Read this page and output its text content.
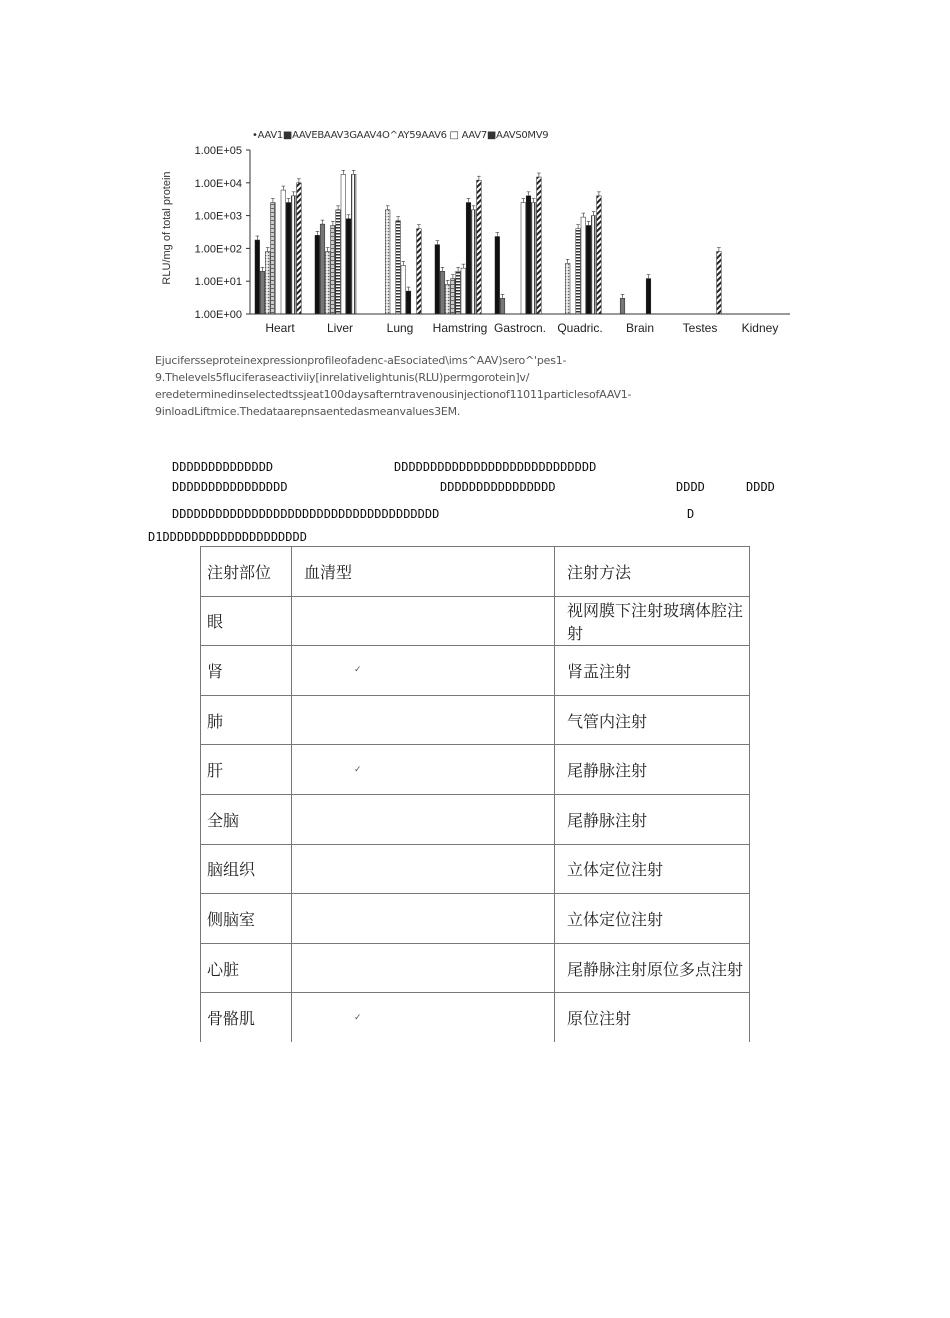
•AAV1■AAVEBAAV3GAAV4O^AY59AAV6 □ AAV7■AAVS0MV9
RLU/mg of total protein
1.00E+00
1.00E+01
1.00E+02
1.00E+03
1.00E+04
1.00E+05
Heart	Liver	Lung Hamstring Gastrocn. Quadric. Brain Testes Kidney
Ejucifersseproteinexpressionprofileofadenc-aEsociated\ims^AAV)sero^'pes1-
9.Thelevels5fluciferaseactiviiy[inrelativelightunis(RLU)permgorotein]v/
eredeterminedinselectedtssjeat100daysafterntravenousinjectionof11011particlesofAAV1-
9inloadLiftmice.Thedataarepnsaentedasmeanvalues3EM.
DDDDDDDDDDDDDD	DDDDDDDDDDDDDDDDDDDDDDDDDDDD
DDDDDDDDDDDDDDDD	DDDDDDDDDDDDDDDD	DDDD	DDDD
DDDDDDDDDDDDDDDDDDDDDDDDDDDDDDDDDDDDD	D
D1DDDDDDDDDDDDDDDDDDDD
注射部位	血清型	注射方法
眼		视网膜下注射玻璃体腔注射
肾	✓	肾盂注射
肺		气管内注射
肝	✓	尾静脉注射
全脑		尾静脉注射
脑组织		立体定位注射
侧脑室		立体定位注射
心脏		尾静脉注射原位多点注射
骨骼肌	✓	原位注射
